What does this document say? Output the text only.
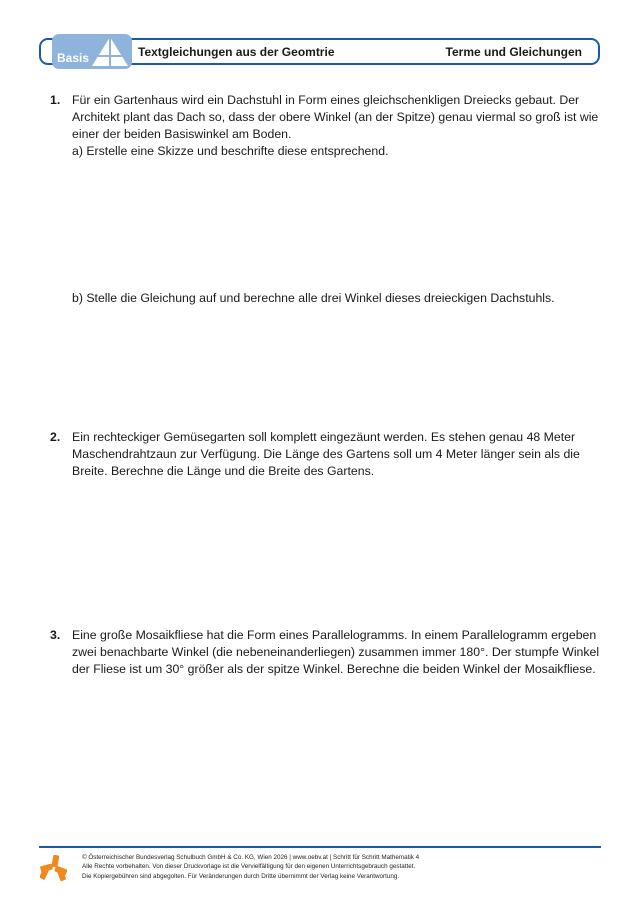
Basis	Textgleichungen aus der Geomtrie	Terme und Gleichungen
1. Für ein Gartenhaus wird ein Dachstuhl in Form eines gleichschenkligen Dreiecks gebaut. Der
Architekt plant das Dach so, dass der obere Winkel (an der Spitze) genau viermal so groß ist wie
einer der beiden Basiswinkel am Boden.
a) Erstelle eine Skizze und beschrifte diese entsprechend.
b) Stelle die Gleichung auf und berechne alle drei Winkel dieses dreieckigen Dachstuhls.
2. Ein rechteckiger Gemüsegarten soll komplett eingezäunt werden. Es stehen genau 48 Meter
Maschendrahtzaun zur Verfügung. Die Länge des Gartens soll um 4 Meter länger sein als die
Breite. Berechne die Länge und die Breite des Gartens.
3. Eine große Mosaikfliese hat die Form eines Parallelogramms. In einem Parallelogramm ergeben
zwei benachbarte Winkel (die nebeneinanderliegen) zusammen immer 180°. Der stumpfe Winkel
der Fliese ist um 30° größer als der spitze Winkel. Berechne die beiden Winkel der Mosaikfliese.
© Österreichischer Bundesverlag Schulbuch GmbH & Co. KG, Wien 2026 | www.oebv.at | Schritt für Schritt Mathematik 4
Alle Rechte vorbehalten. Von dieser Druckvorlage ist die Vervielfältigung für den eigenen Unterrichtsgebrauch gestattet.
Die Kopiergebühren sind abgegolten. Für Veränderungen durch Dritte übernimmt der Verlag keine Verantwortung.
